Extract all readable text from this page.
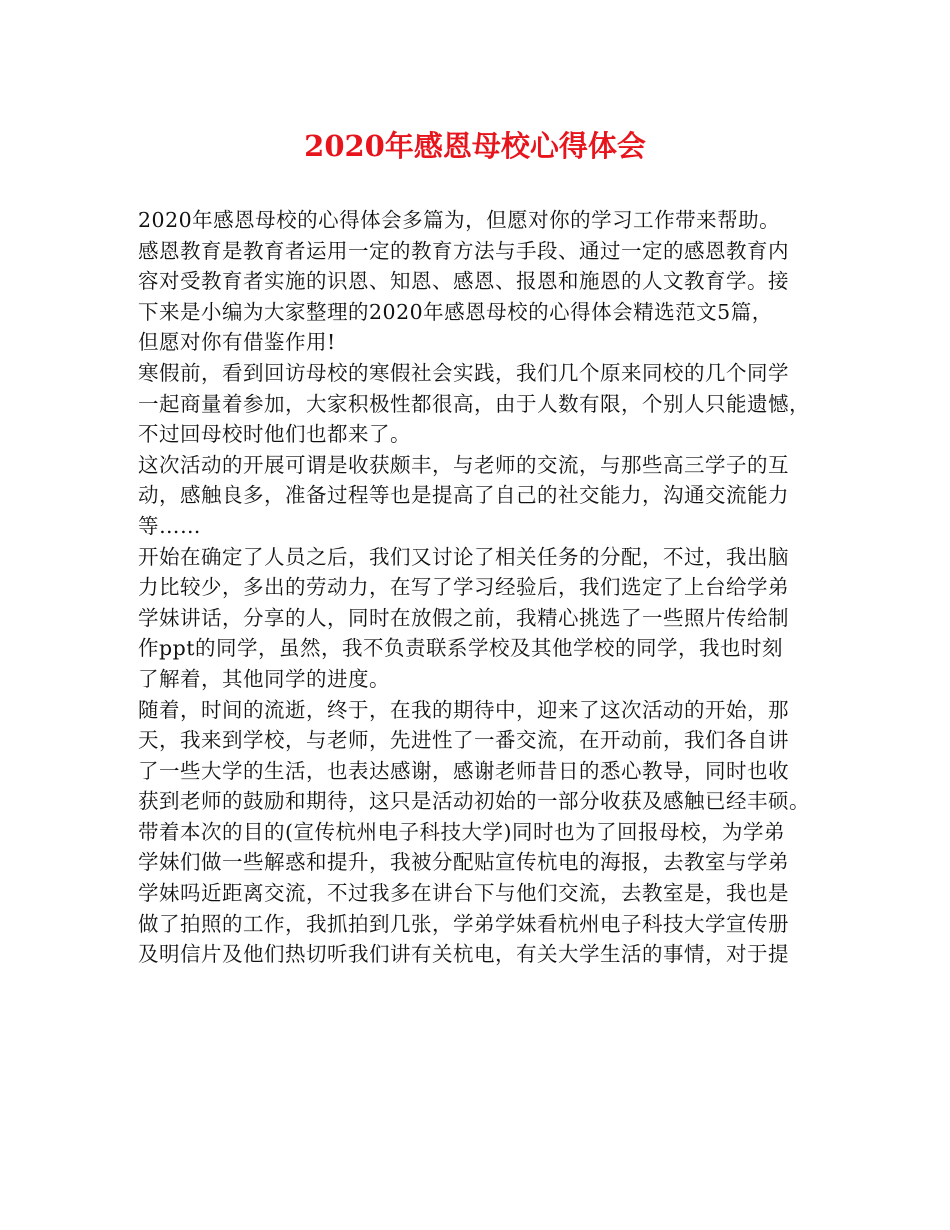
2020年感恩母校心得体会
2020年感恩母校的心得体会多篇为，但愿对你的学习工作带来帮助。
感恩教育是教育者运用一定的教育方法与手段、通过一定的感恩教育内
容对受教育者实施的识恩、知恩、感恩、报恩和施恩的人文教育学。接
下来是小编为大家整理的2020年感恩母校的心得体会精选范文5篇，
但愿对你有借鉴作用!
寒假前，看到回访母校的寒假社会实践，我们几个原来同校的几个同学
一起商量着参加，大家积极性都很高，由于人数有限，个别人只能遗憾，
不过回母校时他们也都来了。
这次活动的开展可谓是收获颇丰，与老师的交流，与那些高三学子的互
动，感触良多，准备过程等也是提高了自己的社交能力，沟通交流能力
等……
开始在确定了人员之后，我们又讨论了相关任务的分配，不过，我出脑
力比较少，多出的劳动力，在写了学习经验后，我们选定了上台给学弟
学妹讲话，分享的人，同时在放假之前，我精心挑选了一些照片传给制
作ppt的同学，虽然，我不负责联系学校及其他学校的同学，我也时刻
了解着，其他同学的进度。
随着，时间的流逝，终于，在我的期待中，迎来了这次活动的开始，那
天，我来到学校，与老师，先进性了一番交流，在开动前，我们各自讲
了一些大学的生活，也表达感谢，感谢老师昔日的悉心教导，同时也收
获到老师的鼓励和期待，这只是活动初始的一部分收获及感触已经丰硕。
带着本次的目的(宣传杭州电子科技大学)同时也为了回报母校，为学弟
学妹们做一些解惑和提升，我被分配贴宣传杭电的海报，去教室与学弟
学妹吗近距离交流，不过我多在讲台下与他们交流，去教室是，我也是
做了拍照的工作，我抓拍到几张，学弟学妹看杭州电子科技大学宣传册
及明信片及他们热切听我们讲有关杭电，有关大学生活的事情，对于提
